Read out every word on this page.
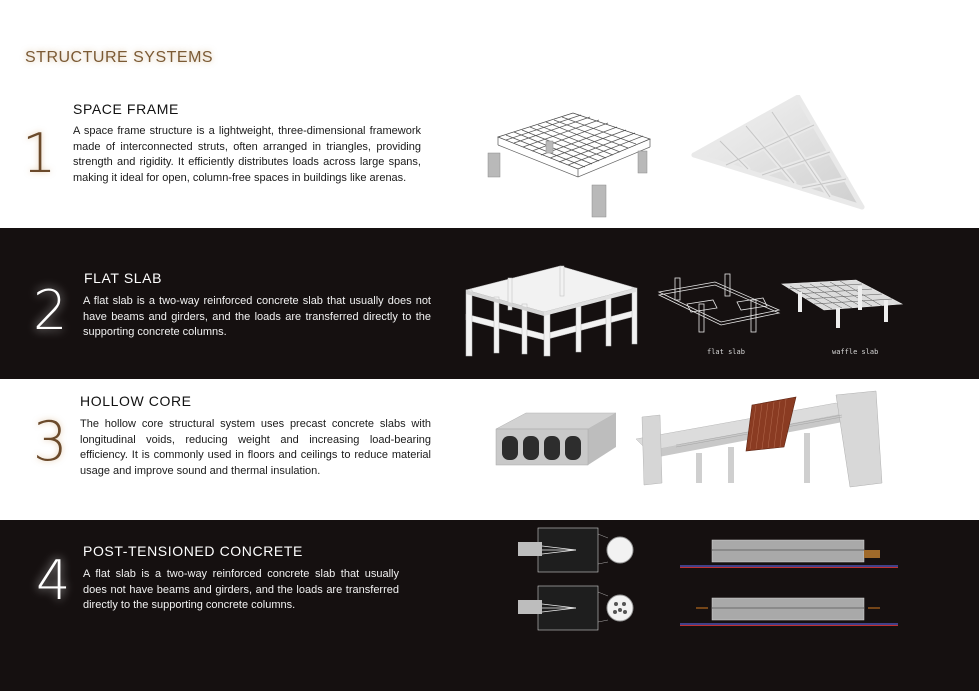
STRUCTURE SYSTEMS
1
SPACE FRAME
A space frame structure is a lightweight, three-dimensional framework made of interconnected struts, often arranged in triangles, providing strength and rigidity. It efficiently distributes loads across large spans, making it ideal for open, column-free spaces in buildings like arenas.
2
FLAT SLAB
A flat slab is a two-way reinforced concrete slab that usually does not have beams and girders, and the loads are transferred directly to the supporting concrete columns.
flat slab	waffle slab
3
HOLLOW CORE
The hollow core structural system uses precast concrete slabs with longitudinal voids, reducing weight and increasing load-bearing efficiency. It is commonly used in floors and ceilings to reduce material usage and improve sound and thermal insulation.
4 POST-TENSIONED CONCRETE
A flat slab is a two-way reinforced concrete slab that usually does not have beams and girders, and the loads are transferred directly to the supporting concrete columns.
